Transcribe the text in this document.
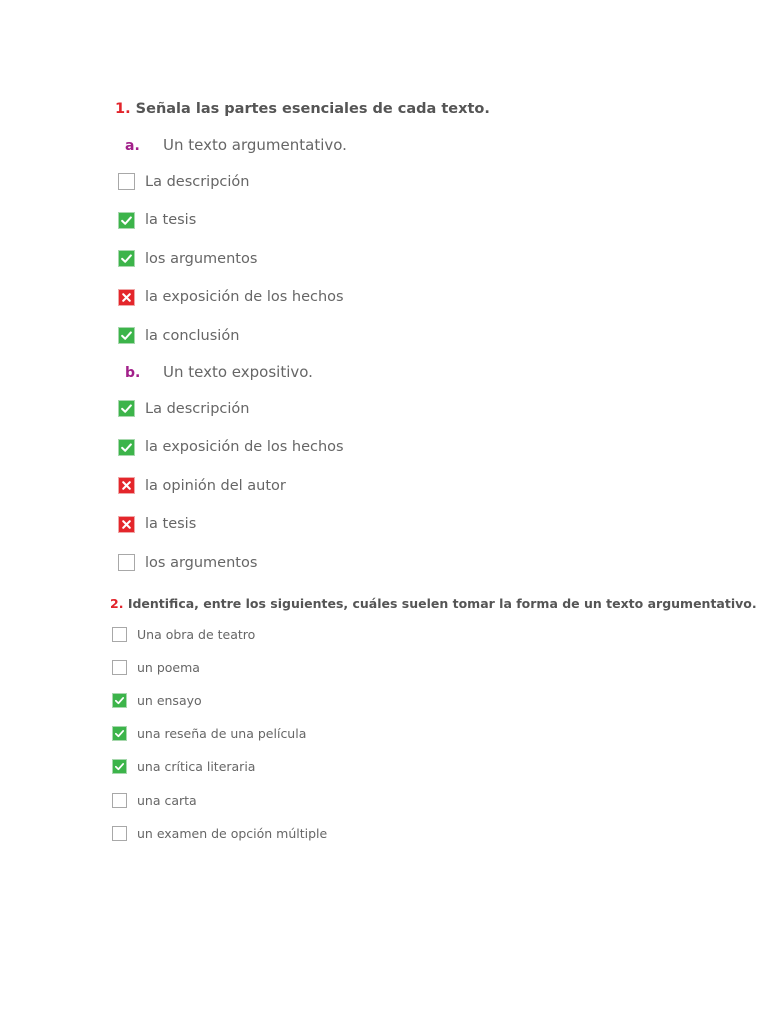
1. Señala las partes esenciales de cada texto.
a. Un texto argumentativo.
La descripción
la tesis
los argumentos
la exposición de los hechos
la conclusión
b. Un texto expositivo.
La descripción
la exposición de los hechos
la opinión del autor
la tesis
los argumentos
2. Identifica, entre los siguientes, cuáles suelen tomar la forma de un texto argumentativo.
Una obra de teatro
un poema
un ensayo
una reseña de una película
una crítica literaria
una carta
un examen de opción múltiple
